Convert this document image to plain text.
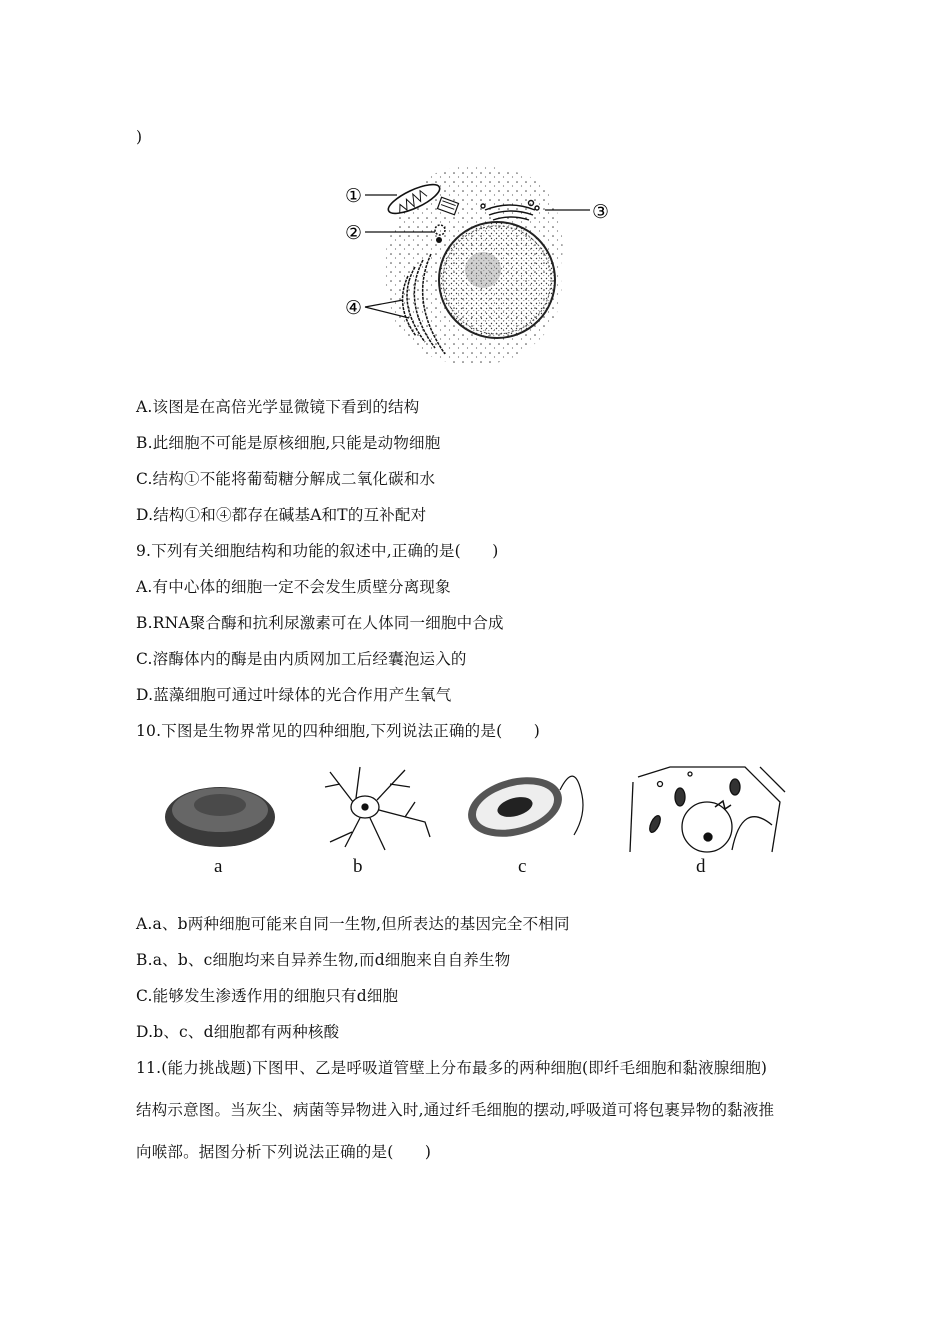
)
①
②
③
④
A.该图是在高倍光学显微镜下看到的结构
B.此细胞不可能是原核细胞,只能是动物细胞
C.结构①不能将葡萄糖分解成二氧化碳和水
D.结构①和④都存在碱基A和T的互补配对
9.下列有关细胞结构和功能的叙述中,正确的是(　　)
A.有中心体的细胞一定不会发生质壁分离现象
B.RNA聚合酶和抗利尿激素可在人体同一细胞中合成
C.溶酶体内的酶是由内质网加工后经囊泡运入的
D.蓝藻细胞可通过叶绿体的光合作用产生氧气
10.下图是生物界常见的四种细胞,下列说法正确的是(　　)
a	b	c	d
A.a、b两种细胞可能来自同一生物,但所表达的基因完全不相同
B.a、b、c细胞均来自异养生物,而d细胞来自自养生物
C.能够发生渗透作用的细胞只有d细胞
D.b、c、d细胞都有两种核酸
11.(能力挑战题)下图甲、乙是呼吸道管壁上分布最多的两种细胞(即纤毛细胞和黏液腺细胞)
结构示意图。当灰尘、病菌等异物进入时,通过纤毛细胞的摆动,呼吸道可将包裹异物的黏液推
向喉部。据图分析下列说法正确的是(　　)
